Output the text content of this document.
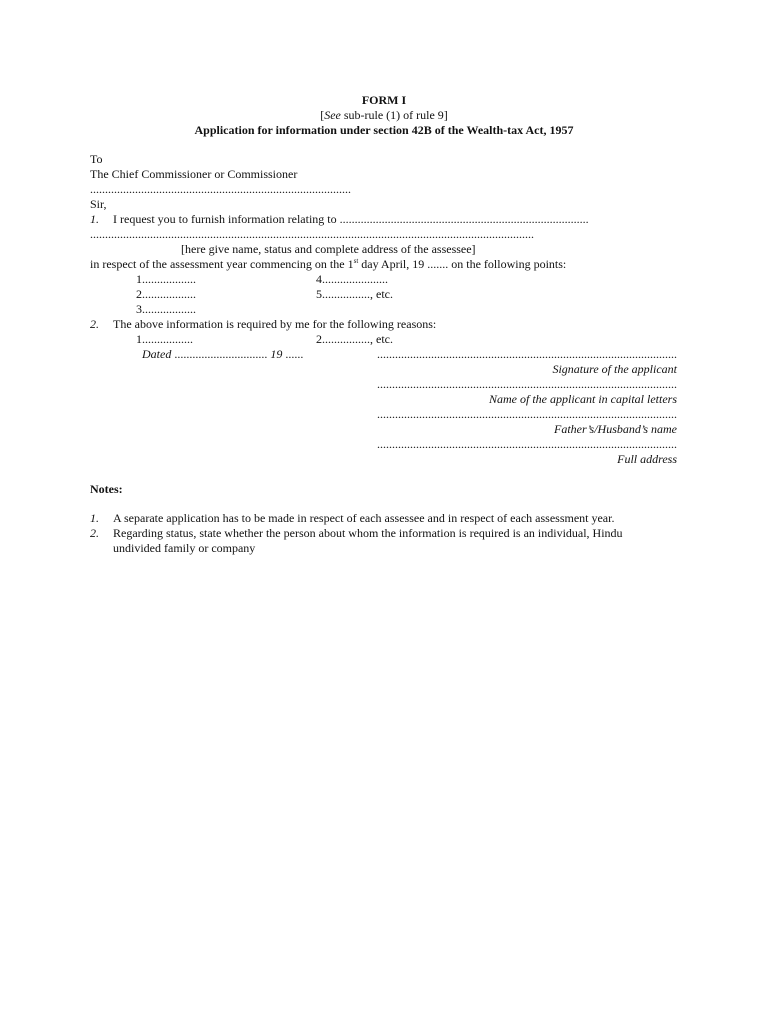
FORM I
[See sub-rule (1) of rule 9]
Application for information under section 42B of the Wealth-tax Act, 1957
To
The Chief Commissioner or Commissioner
.......................................................................................
Sir,
1. I request you to furnish information relating to ...................................................................................
....................................................................................................................................................
[here give name, status and complete address of the assessee]
in respect of the assessment year commencing on the 1st day April, 19 ....... on the following points:
1..................
2..................
3..................
4......................
5................, etc.
2. The above information is required by me for the following reasons:
1.................	2................, etc.
Dated ............................... 19 ......	....................................................................................................
Signature of the applicant
....................................................................................................
Name of the applicant in capital letters
....................................................................................................
Father’s/Husband’s name
....................................................................................................
Full address
Notes:
1. A separate application has to be made in respect of each assessee and in respect of each assessment year.
2. Regarding status, state whether the person about whom the information is required is an individual, Hindu
undivided family or company
